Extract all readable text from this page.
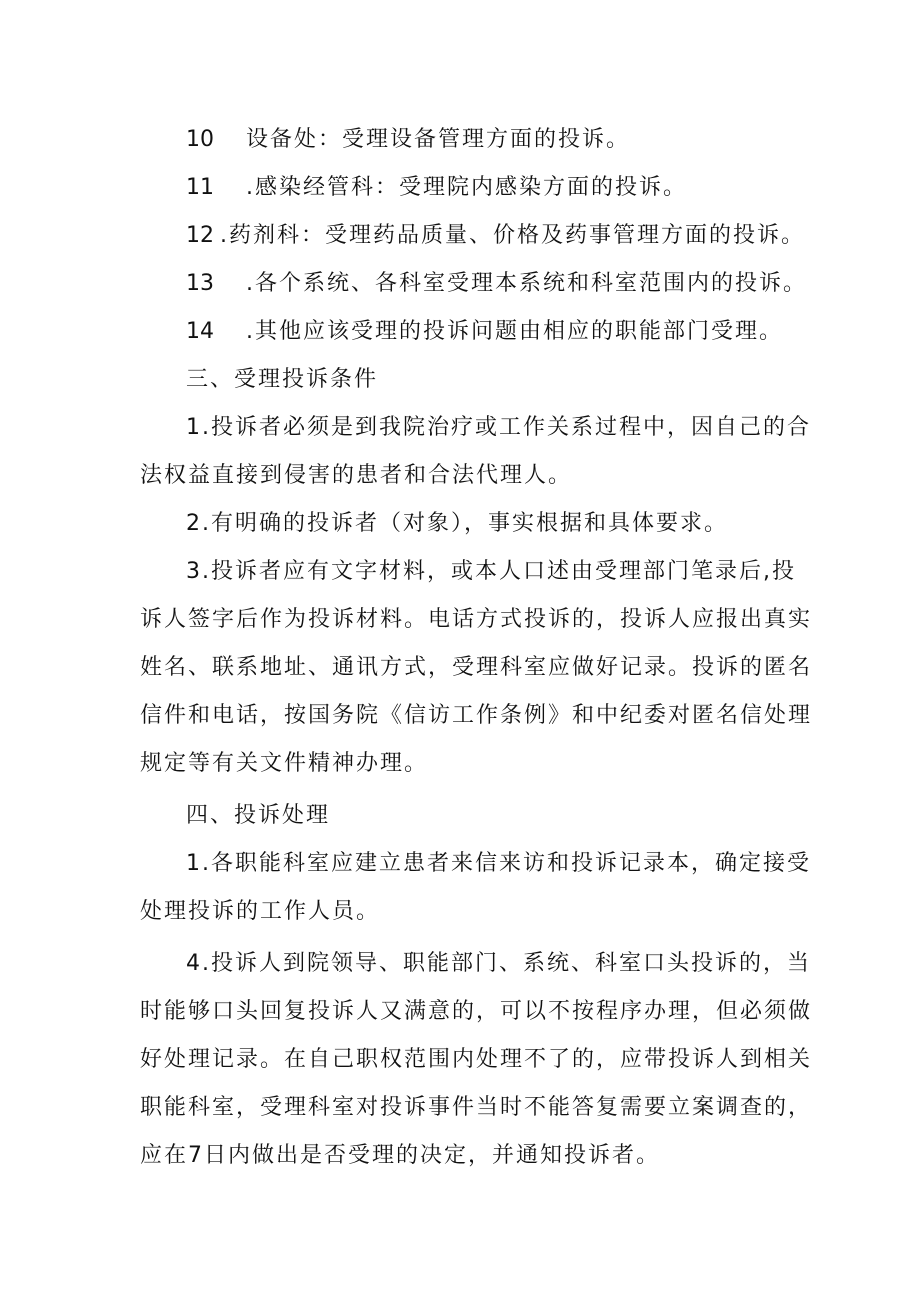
10 设备处：受理设备管理方面的投诉。
11 .感染经管科：受理院内感染方面的投诉。
12 .药剂科：受理药品质量、价格及药事管理方面的投诉。
13 .各个系统、各科室受理本系统和科室范围内的投诉。
14 .其他应该受理的投诉问题由相应的职能部门受理。
三、受理投诉条件
1.投诉者必须是到我院治疗或工作关系过程中，因自己的合
法权益直接到侵害的患者和合法代理人。
2.有明确的投诉者（对象），事实根据和具体要求。
3.投诉者应有文字材料，或本人口述由受理部门笔录后,投
诉人签字后作为投诉材料。电话方式投诉的，投诉人应报出真实
姓名、联系地址、通讯方式，受理科室应做好记录。投诉的匿名
信件和电话，按国务院《信访工作条例》和中纪委对匿名信处理
规定等有关文件精神办理。
四、投诉处理
1.各职能科室应建立患者来信来访和投诉记录本，确定接受
处理投诉的工作人员。
4.投诉人到院领导、职能部门、系统、科室口头投诉的，当
时能够口头回复投诉人又满意的，可以不按程序办理，但必须做
好处理记录。在自己职权范围内处理不了的，应带投诉人到相关
职能科室，受理科室对投诉事件当时不能答复需要立案调查的，
应在7日内做出是否受理的决定，并通知投诉者。
